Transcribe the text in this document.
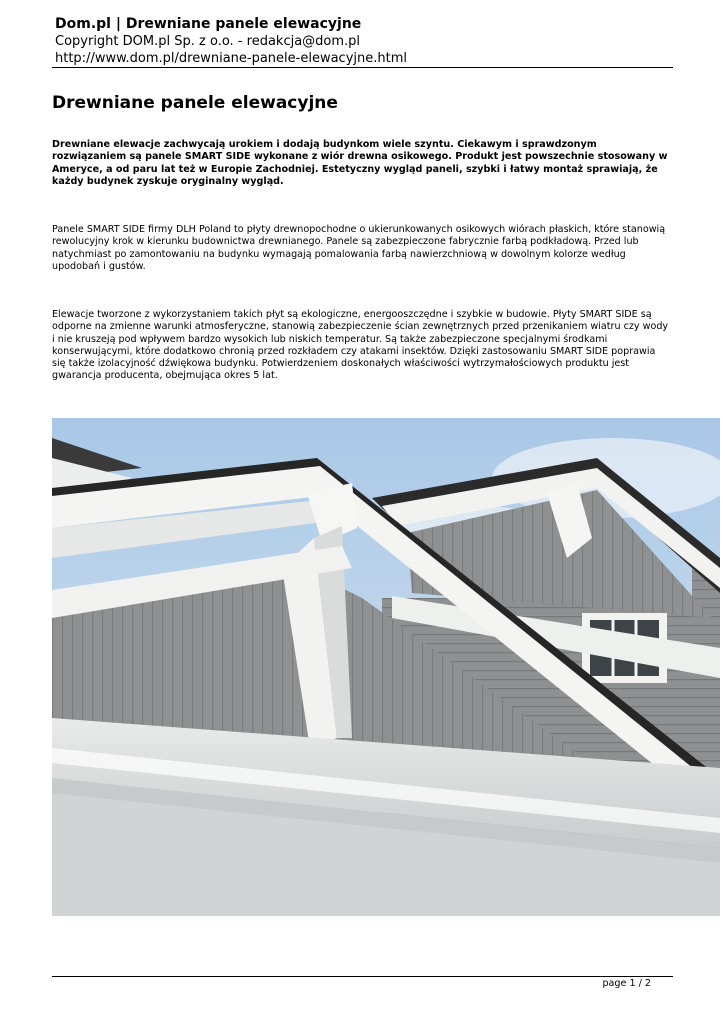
Dom.pl | Drewniane panele elewacyjne
Copyright DOM.pl Sp. z o.o. - redakcja@dom.pl
http://www.dom.pl/drewniane-panele-elewacyjne.html
Drewniane panele elewacyjne

Drewniane elewacje zachwycają urokiem i dodają budynkom wiele szyntu. Ciekawym i sprawdzonym rozwiązaniem są panele SMART SIDE wykonane z wiór drewna osikowego. Produkt jest powszechnie stosowany w Ameryce, a od paru lat też w Europie Zachodniej. Estetyczny wygląd paneli, szybki i łatwy montaż sprawiają, że każdy budynek zyskuje oryginalny wygląd.

Panele SMART SIDE firmy DLH Poland to płyty drewnopochodne o ukierunkowanych osikowych wiórach płaskich, które stanowią rewolucyjny krok w kierunku budownictwa drewnianego. Panele są zabezpieczone fabrycznie farbą podkładową. Przed lub natychmiast po zamontowaniu na budynku wymagają pomalowania farbą nawierzchniową w dowolnym kolorze według upodobań i gustów.

Elewacje tworzone z wykorzystaniem takich płyt są ekologiczne, energooszczędne i szybkie w budowie. Płyty SMART SIDE są odporne na zmienne warunki atmosferyczne, stanowią zabezpieczenie ścian zewnętrznych przed przenikaniem wiatru czy wody i nie kruszeją pod wpływem bardzo wysokich lub niskich temperatur. Są także zabezpieczone specjalnymi środkami konserwującymi, które dodatkowo chronią przed rozkładem czy atakami insektów. Dzięki zastosowaniu SMART SIDE poprawia się także izolacyjność dźwiękowa budynku. Potwierdzeniem doskonałych właściwości wytrzymałościowych produktu jest gwarancja producenta, obejmująca okres 5 lat.

page 1 / 2
